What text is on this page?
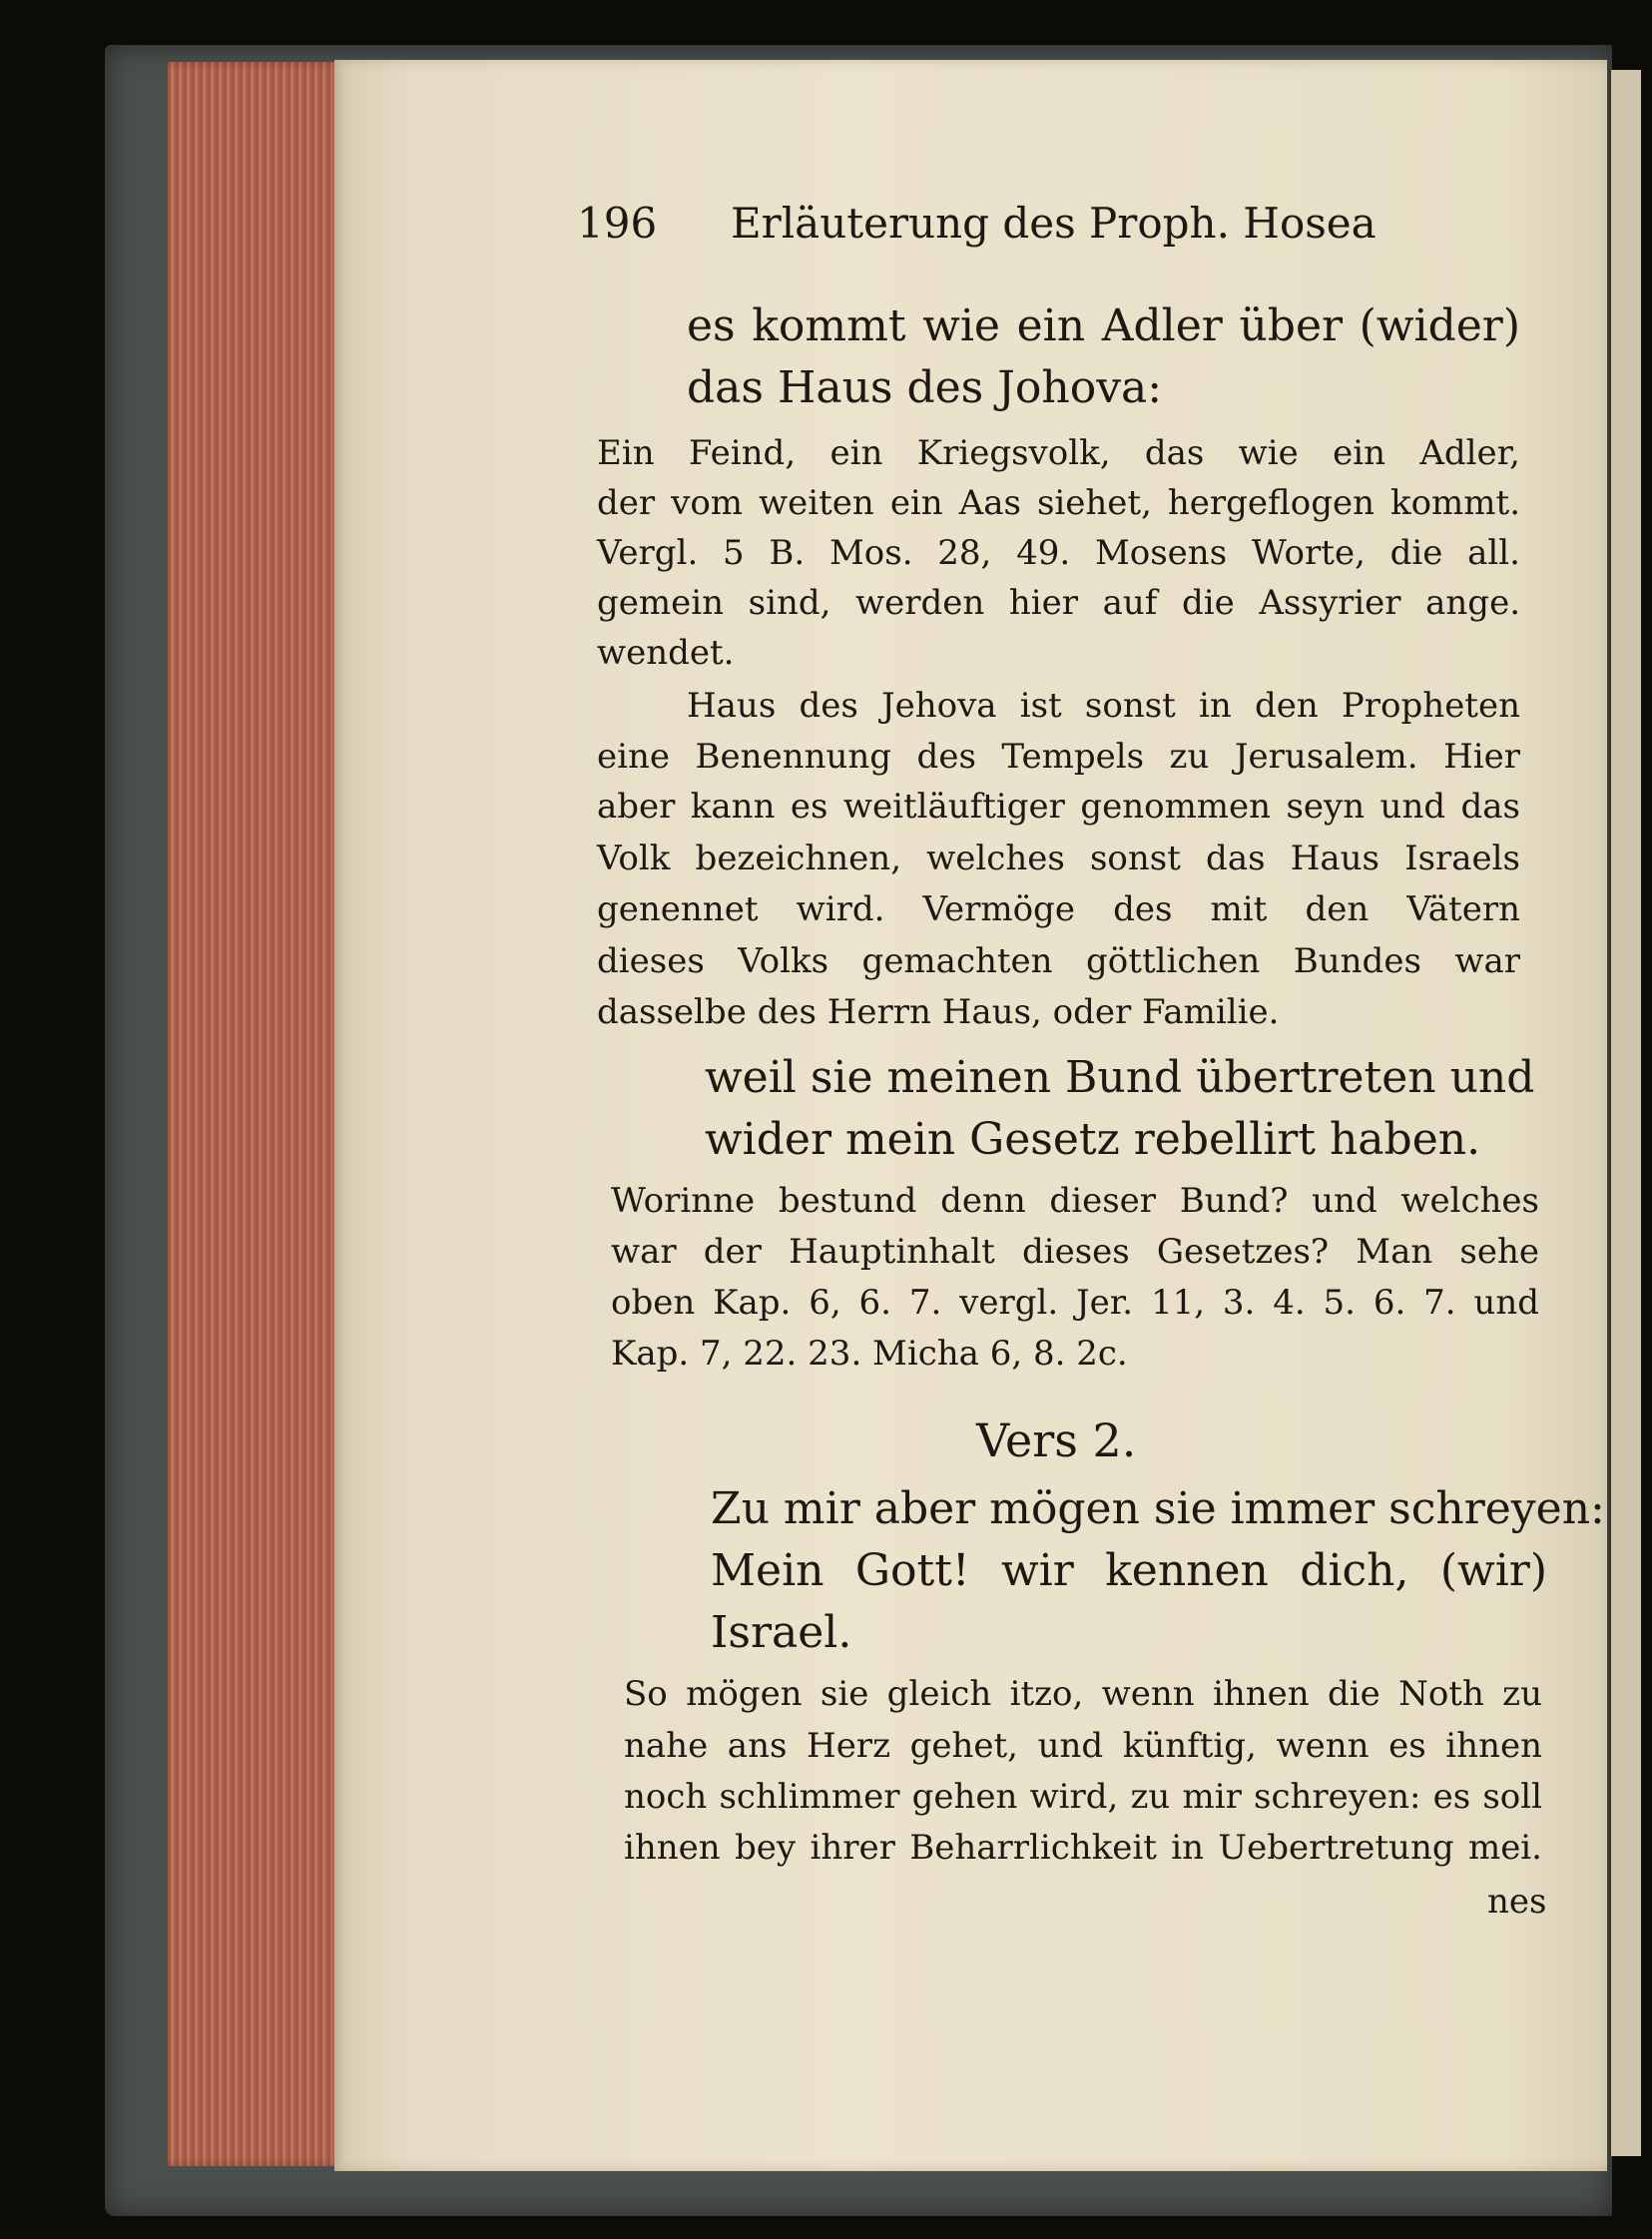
196 Erläuterung des Proph. Hosea

es kommt wie ein Adler über (wider)

das Haus des Johova:

Ein Feind, ein Kriegsvolk, das wie ein Adler,

der vom weiten ein Aas siehet, hergeflogen kommt.

Vergl. 5 B. Mos. 28, 49. Mosens Worte, die all.

gemein sind, werden hier auf die Assyrier ange.

wendet.

Haus des Jehova ist sonst in den Propheten

eine Benennung des Tempels zu Jerusalem. Hier

aber kann es weitläuftiger genommen seyn und das

Volk bezeichnen, welches sonst das Haus Israels

genennet wird. Vermöge des mit den Vätern

dieses Volks gemachten göttlichen Bundes war

dasselbe des Herrn Haus, oder Familie.

weil sie meinen Bund übertreten und

wider mein Gesetz rebellirt haben.

Worinne bestund denn dieser Bund? und welches

war der Hauptinhalt dieses Gesetzes? Man sehe

oben Kap. 6, 6. 7. vergl. Jer. 11, 3. 4. 5. 6. 7. und

Kap. 7, 22. 23. Micha 6, 8. 2c.

Vers 2.

Zu mir aber mögen sie immer schreyen:

Mein Gott! wir kennen dich, (wir)

Israel.

So mögen sie gleich itzo, wenn ihnen die Noth zu

nahe ans Herz gehet, und künftig, wenn es ihnen

noch schlimmer gehen wird, zu mir schreyen: es soll

ihnen bey ihrer Beharrlichkeit in Uebertretung mei.

nes
